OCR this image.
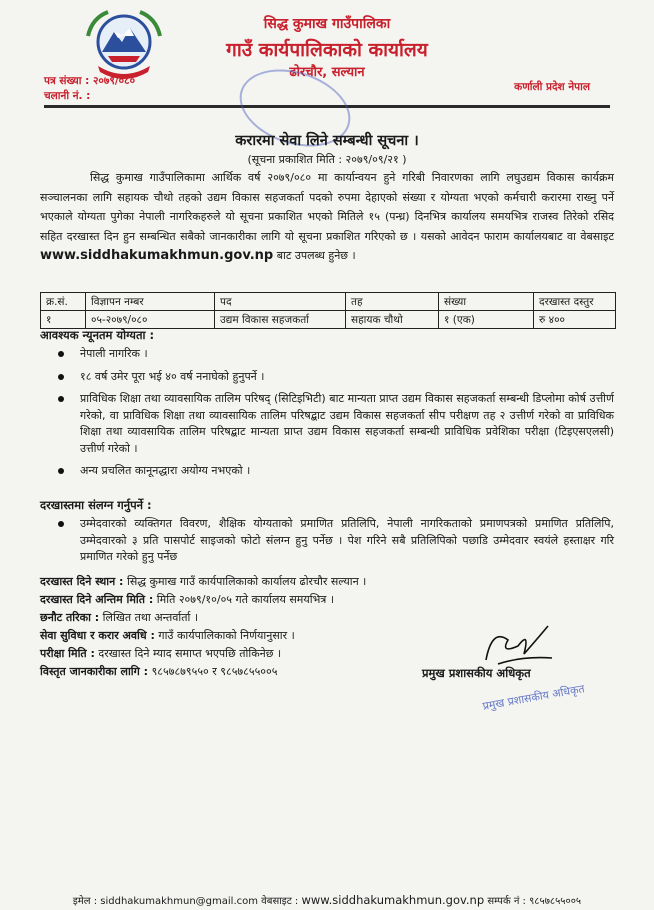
सिद्ध कुमाख गाउँपालिका
गाउँ कार्यपालिकाको कार्यालय
ढोरचौर, सल्यान
पत्र संख्या : २०७९/०८०
चलानी नं. :
कर्णाली प्रदेश नेपाल
करारमा सेवा लिने सम्बन्धी सूचना ।
(सूचना प्रकाशित मिति : २०७९/०९/२१ )

सिद्ध कुमाख गाउँपालिकामा आर्थिक वर्ष २०७९/०८० मा कार्यान्वयन हुने गरिबी निवारणका लागि लघुउद्यम विकास कार्यक्रम सञ्चालनका लागि सहायक चौथो तहको उद्यम विकास सहजकर्ता पदको रुपमा देहाएको संख्या र योग्यता भएको कर्मचारी करारमा राख्नु पर्ने भएकाले योग्यता पुगेका नेपाली नागरिकहरुले यो सूचना प्रकाशित भएको मितिले १५ (पन्ध्र) दिनभित्र कार्यालय समयभित्र राजस्व तिरेको रसिद सहित दरखास्त दिन हुन सम्बन्धित सबैको जानकारीका लागि यो सूचना प्रकाशित गरिएको छ । यसको आवेदन फाराम कार्यालयबाट वा वेबसाइट www.siddhakumakhmun.gov.np बाट उपलब्ध हुनेछ ।

क्र.सं.	विज्ञापन नम्बर	पद	तह	संख्या	दरखास्त दस्तुर
१	०५-२०७९/०८०	उद्यम विकास सहजकर्ता	सहायक चौथो	१ (एक)	रु ४००
आवश्यक न्यूनतम योग्यता :
नेपाली नागरिक ।
१८ वर्ष उमेर पूरा भई ४० वर्ष ननाघेको हुनुपर्ने ।
प्राविधिक शिक्षा तथा व्यावसायिक तालिम परिषद् (सिटिइभिटी) बाट मान्यता प्राप्त उद्यम विकास सहजकर्ता सम्बन्धी डिप्लोमा कोर्ष उत्तीर्ण गरेको, वा प्राविधिक शिक्षा तथा व्यावसायिक तालिम परिषद्बाट उद्यम विकास सहजकर्ता सीप परीक्षण तह २ उत्तीर्ण गरेको वा प्राविधिक शिक्षा तथा व्यावसायिक तालिम परिषद्बाट मान्यता प्राप्त उद्यम विकास सहजकर्ता सम्बन्धी प्राविधिक प्रवेशिका परीक्षा (टिइएसएलसी) उत्तीर्ण गरेको ।
अन्य प्रचलित कानूनद्धारा अयोग्य नभएको ।
दरखास्तमा संलग्न गर्नुपर्ने :
उम्मेदवारको व्यक्तिगत विवरण, शैक्षिक योग्यताको प्रमाणित प्रतिलिपि, नेपाली नागरिकताको प्रमाणपत्रको प्रमाणित प्रतिलिपि, उम्मेदवारको ३ प्रति पासपोर्ट साइजको फोटो संलग्न हुनु पर्नेछ । पेश गरिने सबै प्रतिलिपिको पछाडि उम्मेदवार स्वयंले हस्ताक्षर गरि प्रमाणित गरेको हुनु पर्नेछ
दरखास्त दिने स्थान : सिद्ध कुमाख गाउँ कार्यपालिकाको कार्यालय ढोरचौर सल्यान ।
दरखास्त दिने अन्तिम मिति : मिति २०७९/१०/०५ गते कार्यालय समयभित्र ।
छनौट तरिका : लिखित तथा अन्तर्वार्ता ।
सेवा सुविधा र करार अवधि : गाउँ कार्यपालिकाको निर्णयानुसार ।
परीक्षा मिति : दरखास्त दिने म्याद समाप्त भएपछि तोकिनेछ ।
विस्तृत जानकारीका लागि : ९८५७८७९५५० र ९८५७८५५००५	प्रमुख प्रशासकीय अधिकृत
प्रमुख प्रशासकीय अधिकृत
इमेल : siddhakumakhmun@gmail.com वेबसाइट : www.siddhakumakhmun.gov.np सम्पर्क नं : ९८५७८५५००५
